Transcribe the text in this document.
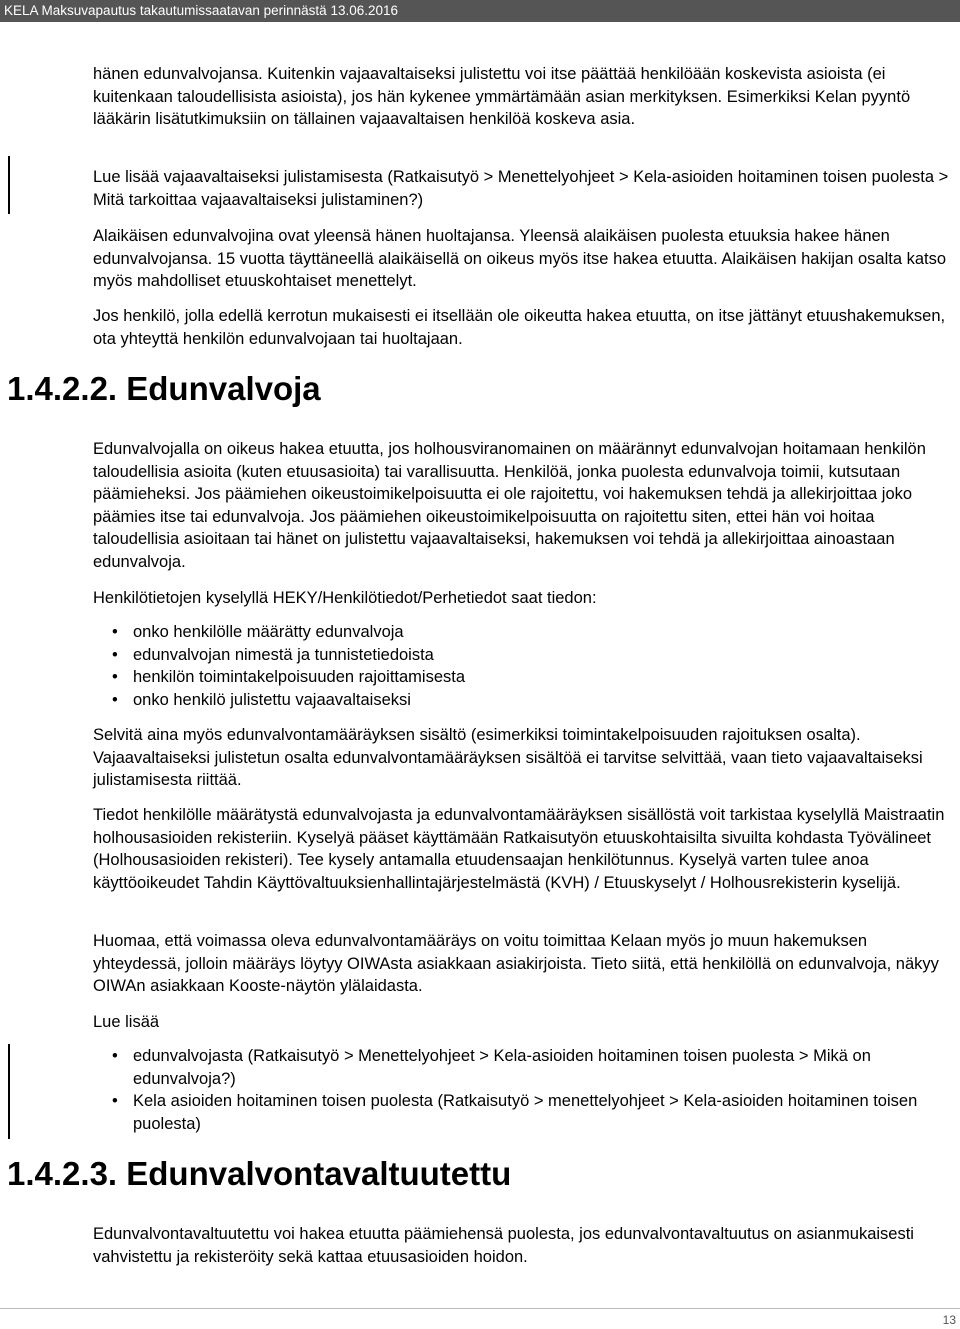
KELA Maksuvapautus takautumissaatavan perinnästä 13.06.2016

hänen edunvalvojansa. Kuitenkin vajaavaltaiseksi julistettu voi itse päättää henkilöään koskevista asioista (ei kuitenkaan taloudellisista asioista), jos hän kykenee ymmärtämään asian merkityksen. Esimerkiksi Kelan pyyntö lääkärin lisätutkimuksiin on tällainen vajaavaltaisen henkilöä koskeva asia.

Lue lisää vajaavaltaiseksi julistamisesta (Ratkaisutyö > Menettelyohjeet > Kela-asioiden hoitaminen toisen puolesta > Mitä tarkoittaa vajaavaltaiseksi julistaminen?)

Alaikäisen edunvalvojina ovat yleensä hänen huoltajansa. Yleensä alaikäisen puolesta etuuksia hakee hänen edunvalvojansa. 15 vuotta täyttäneellä alaikäisellä on oikeus myös itse hakea etuutta. Alaikäisen hakijan osalta katso myös mahdolliset etuuskohtaiset menettelyt.

Jos henkilö, jolla edellä kerrotun mukaisesti ei itsellään ole oikeutta hakea etuutta, on itse jättänyt etuushakemuksen, ota yhteyttä henkilön edunvalvojaan tai huoltajaan.

1.4.2.2. Edunvalvoja

Edunvalvojalla on oikeus hakea etuutta, jos holhousviranomainen on määrännyt edunvalvojan hoitamaan henkilön taloudellisia asioita (kuten etuusasioita) tai varallisuutta. Henkilöä, jonka puolesta edunvalvoja toimii, kutsutaan päämieheksi. Jos päämiehen oikeustoimikelpoisuutta ei ole rajoitettu, voi hakemuksen tehdä ja allekirjoittaa joko päämies itse tai edunvalvoja. Jos päämiehen oikeustoimikelpoisuutta on rajoitettu siten, ettei hän voi hoitaa taloudellisia asioitaan tai hänet on julistettu vajaavaltaiseksi, hakemuksen voi tehdä ja allekirjoittaa ainoastaan edunvalvoja.

Henkilötietojen kyselyllä HEKY/Henkilötiedot/Perhetiedot saat tiedon:

• onko henkilölle määrätty edunvalvoja
• edunvalvojan nimestä ja tunnistetiedoista
• henkilön toimintakelpoisuuden rajoittamisesta
• onko henkilö julistettu vajaavaltaiseksi

Selvitä aina myös edunvalvontamääräyksen sisältö (esimerkiksi toimintakelpoisuuden rajoituksen osalta). Vajaavaltaiseksi julistetun osalta edunvalvontamääräyksen sisältöä ei tarvitse selvittää, vaan tieto vajaavaltaiseksi julistamisesta riittää.

Tiedot henkilölle määrätystä edunvalvojasta ja edunvalvontamääräyksen sisällöstä voit tarkistaa kyselyllä Maistraatin holhousasioiden rekisteriin. Kyselyä pääset käyttämään Ratkaisutyön etuuskohtaisilta sivuilta kohdasta Työvälineet (Holhousasioiden rekisteri). Tee kysely antamalla etuudensaajan henkilötunnus. Kyselyä varten tulee anoa käyttöoikeudet Tahdin Käyttövaltuuksienhallintajärjestelmästä (KVH) / Etuuskyselyt / Holhousrekisterin kyselijä.

Huomaa, että voimassa oleva edunvalvontamääräys on voitu toimittaa Kelaan myös jo muun hakemuksen yhteydessä, jolloin määräys löytyy OIWAsta asiakkaan asiakirjoista. Tieto siitä, että henkilöllä on edunvalvoja, näkyy OIWAn asiakkaan Kooste-näytön ylälaidasta.

Lue lisää

• edunvalvojasta (Ratkaisutyö > Menettelyohjeet > Kela-asioiden hoitaminen toisen puolesta > Mikä on edunvalvoja?)
• Kela asioiden hoitaminen toisen puolesta (Ratkaisutyö > menettelyohjeet > Kela-asioiden hoitaminen toisen puolesta)
1.4.2.3. Edunvalvontavaltuutettu

Edunvalvontavaltuutettu voi hakea etuutta päämiehensä puolesta, jos edunvalvontavaltuutus on asianmukaisesti vahvistettu ja rekisteröity sekä kattaa etuusasioiden hoidon.

13
